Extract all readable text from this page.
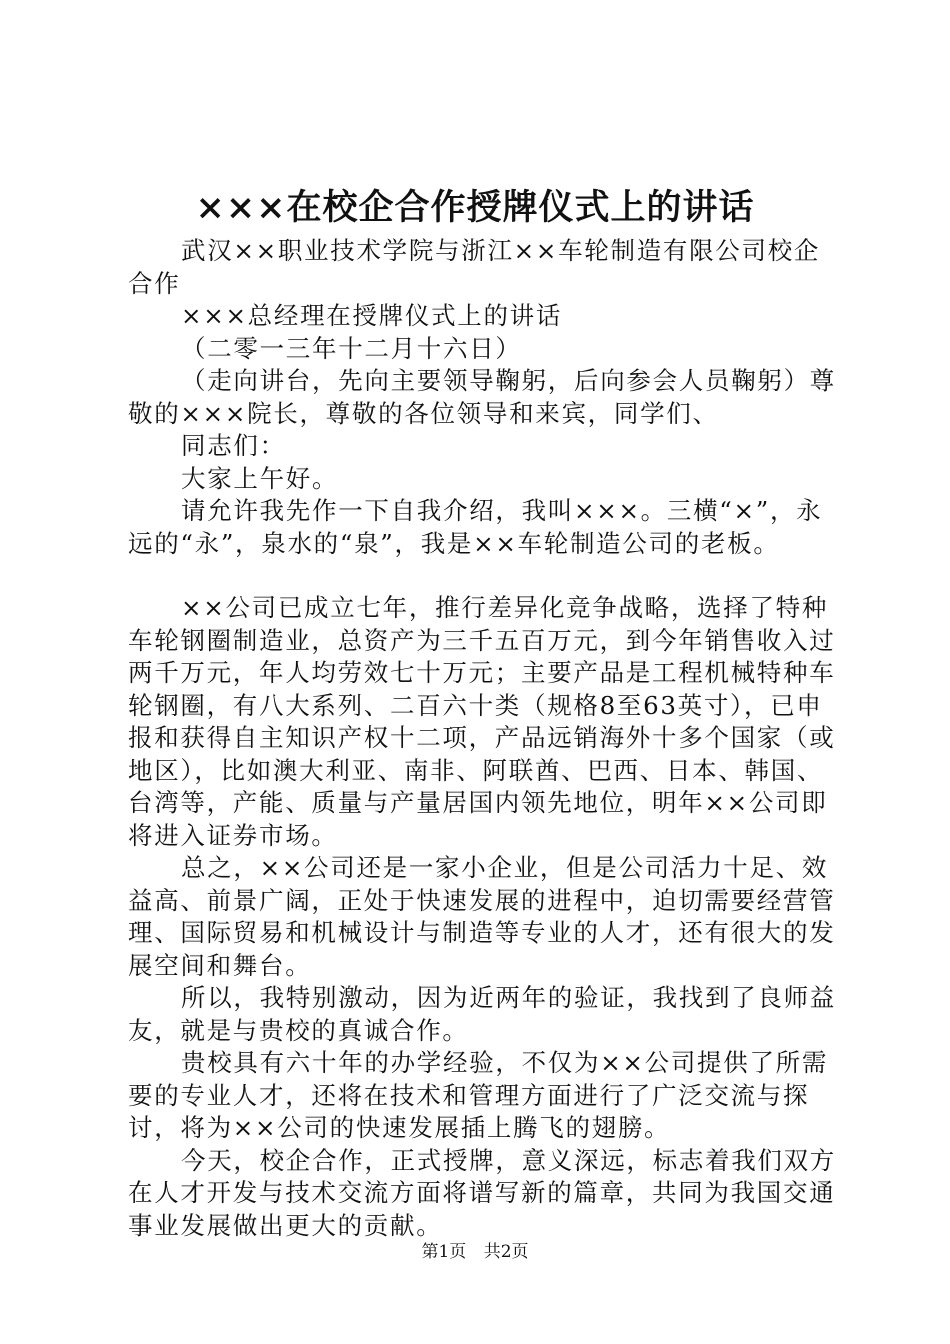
×××在校企合作授牌仪式上的讲话

武汉××职业技术学院与浙江××车轮制造有限公司校企合作

×××总经理在授牌仪式上的讲话

（二零一三年十二月十六日）

（走向讲台，先向主要领导鞠躬，后向参会人员鞠躬）尊敬的×××院长，尊敬的各位领导和来宾，同学们、

同志们：

大家上午好。

请允许我先作一下自我介绍，我叫×××。三横“×”，永远的“永”，泉水的“泉”，我是××车轮制造公司的老板。

××公司已成立七年，推行差异化竞争战略，选择了特种车轮钢圈制造业，总资产为三千五百万元，到今年销售收入过两千万元，年人均劳效七十万元；主要产品是工程机械特种车轮钢圈，有八大系列、二百六十类（规格8至63英寸），已申报和获得自主知识产权十二项，产品远销海外十多个国家（或地区），比如澳大利亚、南非、阿联酋、巴西、日本、韩国、台湾等，产能、质量与产量居国内领先地位，明年××公司即将进入证券市场。

总之，××公司还是一家小企业，但是公司活力十足、效益高、前景广阔，正处于快速发展的进程中，迫切需要经营管理、国际贸易和机械设计与制造等专业的人才，还有很大的发展空间和舞台。

所以，我特别激动，因为近两年的验证，我找到了良师益友，就是与贵校的真诚合作。

贵校具有六十年的办学经验，不仅为××公司提供了所需要的专业人才，还将在技术和管理方面进行了广泛交流与探讨，将为××公司的快速发展插上腾飞的翅膀。

今天，校企合作，正式授牌，意义深远，标志着我们双方在人才开发与技术交流方面将谱写新的篇章，共同为我国交通事业发展做出更大的贡献。

第1页 共2页
